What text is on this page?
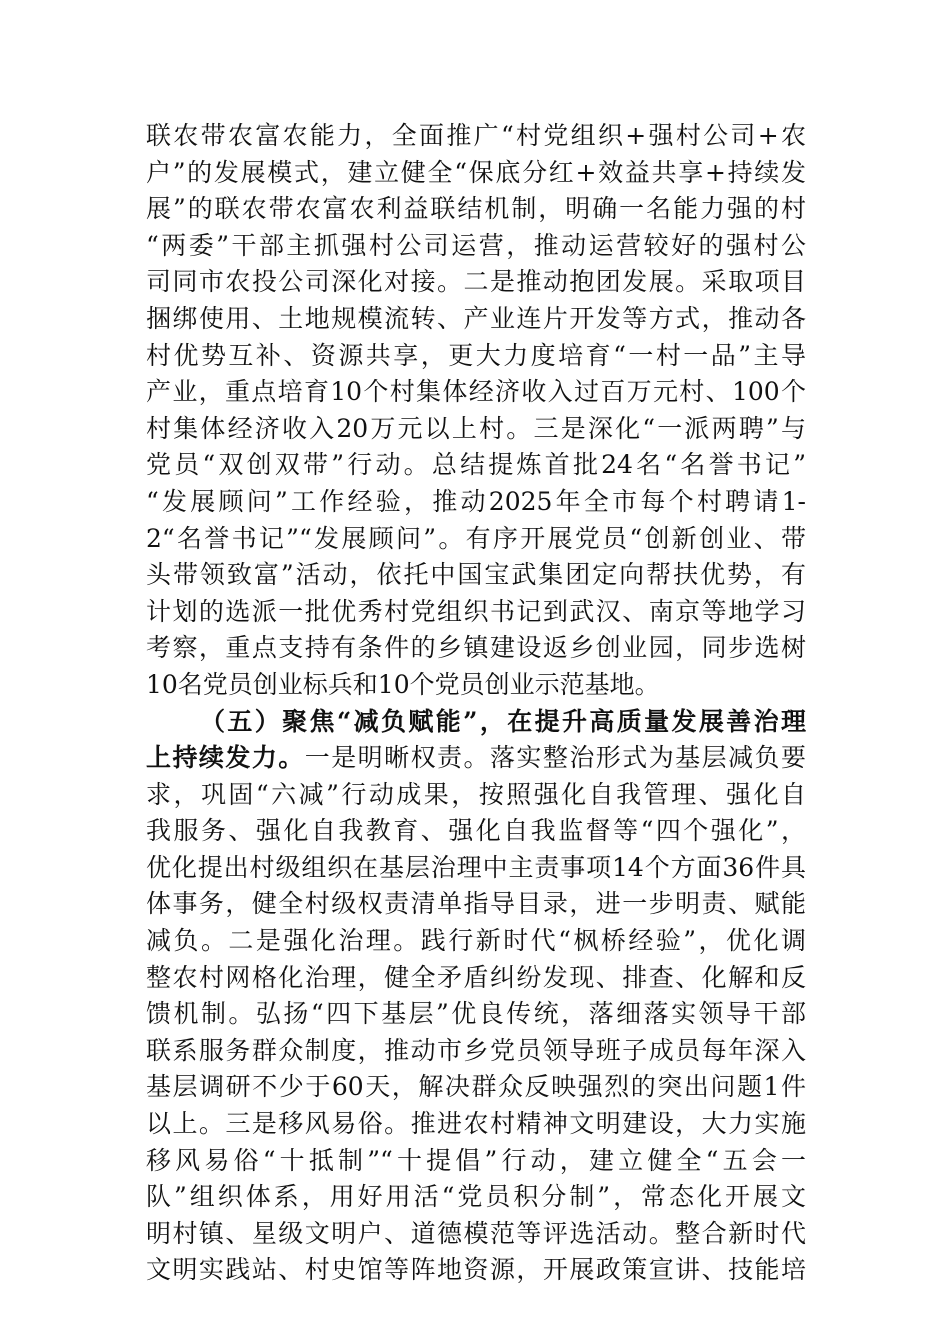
联农带农富农能力，全面推广“村党组织+强村公司+农
户”的发展模式，建立健全“保底分红+效益共享+持续发
展”的联农带农富农利益联结机制，明确一名能力强的村
“两委”干部主抓强村公司运营，推动运营较好的强村公
司同市农投公司深化对接。二是推动抱团发展。采取项目
捆绑使用、土地规模流转、产业连片开发等方式，推动各
村优势互补、资源共享，更大力度培育“一村一品”主导
产业，重点培育10个村集体经济收入过百万元村、100个
村集体经济收入20万元以上村。三是深化“一派两聘”与
党员“双创双带”行动。总结提炼首批24名“名誉书记”
“发展顾问”工作经验，推动2025年全市每个村聘请1-
2“名誉书记”“发展顾问”。有序开展党员“创新创业、带
头带领致富”活动，依托中国宝武集团定向帮扶优势，有
计划的选派一批优秀村党组织书记到武汉、南京等地学习
考察，重点支持有条件的乡镇建设返乡创业园，同步选树
10名党员创业标兵和10个党员创业示范基地。
（五）聚焦“减负赋能”，在提升高质量发展善治理
上持续发力。一是明晰权责。落实整治形式为基层减负要
求，巩固“六减”行动成果，按照强化自我管理、强化自
我服务、强化自我教育、强化自我监督等“四个强化”，
优化提出村级组织在基层治理中主责事项14个方面36件具
体事务，健全村级权责清单指导目录，进一步明责、赋能
减负。二是强化治理。践行新时代“枫桥经验”，优化调
整农村网格化治理，健全矛盾纠纷发现、排查、化解和反
馈机制。弘扬“四下基层”优良传统，落细落实领导干部
联系服务群众制度，推动市乡党员领导班子成员每年深入
基层调研不少于60天，解决群众反映强烈的突出问题1件
以上。三是移风易俗。推进农村精神文明建设，大力实施
移风易俗“十抵制”“十提倡”行动，建立健全“五会一
队”组织体系，用好用活“党员积分制”，常态化开展文
明村镇、星级文明户、道德模范等评选活动。整合新时代
文明实践站、村史馆等阵地资源，开展政策宣讲、技能培
